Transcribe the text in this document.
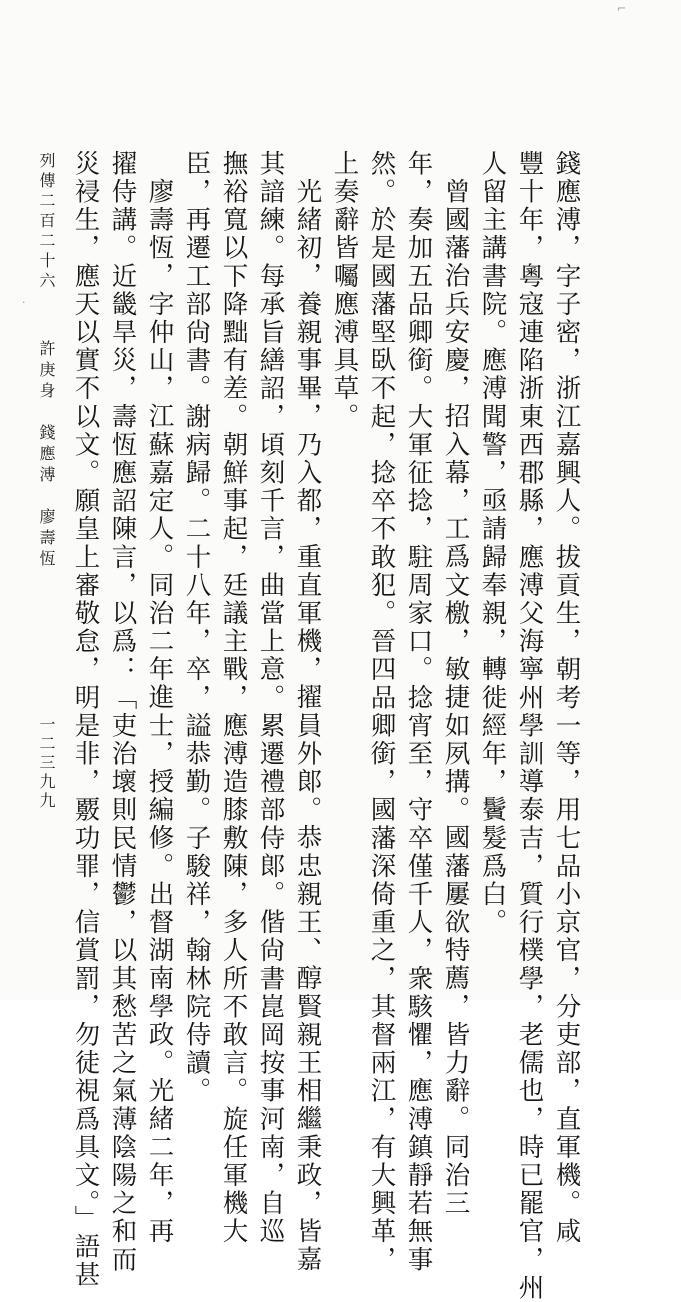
⌐
·	錢應溥，字子密，浙江嘉興人。拔貢生，朝考一等，用七品小京官，分吏部，直軍機。咸
豐十年，粵寇連陷浙東西郡縣，應溥父海寧州學訓導泰吉，質行樸學，老儒也，時已罷官，州
人留主講書院。應溥聞警，亟請歸奉親，轉徙經年，鬢髮爲白。
曾國藩治兵安慶，招入幕，工爲文檄，敏捷如夙搆。國藩屢欲特薦，皆力辭。同治三
年，奏加五品卿銜。大軍征捻，駐周家口。捻宵至，守卒僅千人，衆駭懼，應溥鎮靜若無事
然。於是國藩堅臥不起，捻卒不敢犯。晉四品卿銜，國藩深倚重之，其督兩江，有大興革，
上奏辭皆囑應溥具草。
光緒初，養親事畢，乃入都，重直軍機，擢員外郞。恭忠親王、醇賢親王相繼秉政，皆嘉
其諳練。每承旨繕詔，頃刻千言，曲當上意。累遷禮部侍郞。偕尙書崑岡按事河南，自巡
撫裕寬以下降黜有差。朝鮮事起，廷議主戰，應溥造膝敷陳，多人所不敢言。旋任軍機大
臣，再遷工部尙書。謝病歸。二十八年，卒，謚恭勤。子駿祥，翰林院侍讀。
廖壽恆，字仲山，江蘇嘉定人。同治二年進士，授編修。出督湖南學政。光緒二年，再
擢侍講。近畿旱災，壽恆應詔陳言，以爲：「吏治壞則民情鬱，以其愁苦之氣薄陰陽之和而
災祲生，應天以實不以文。願皇上審敬怠，明是非，覈功罪，信賞罰，勿徒視爲具文。」語甚
列傳二百二十六
許庚身　錢應溥　廖壽恆
一二三九九
